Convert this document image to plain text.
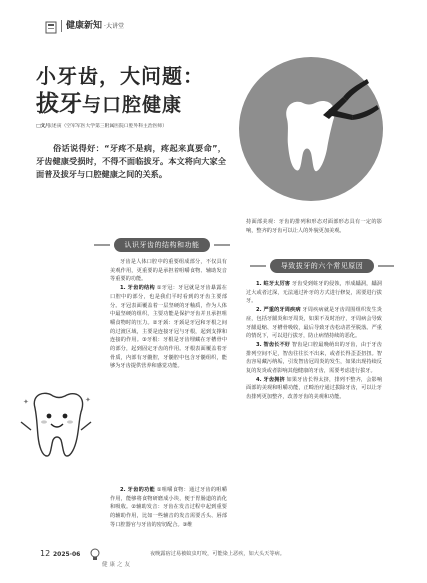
健康新知 ·大讲堂
小牙齿，大问题：
拔牙与口腔健康
□文/张述寅（空军军医大学第三附属医院口腔外科主治医师）
俗话说得好：“牙疼不是病，疼起来真要命”，牙齿健康受损时，不得不面临拔牙。本文将向大家全面普及拔牙与口腔健康之间的关系。
认识牙齿的结构和功能

牙齿是人体口腔中的重要组成部分，不仅具有美观作用，更重要的是承担着咀嚼食物、辅助发音等重要的功能。

1. 牙齿的结构 ①牙冠：牙冠就是牙齿暴露在口腔中的部分，也是我们平时看到的牙齿主要部分。牙冠表面覆盖着一层坚硬的牙釉质，作为人体中最坚硬的组织，主要功能是保护牙齿并且承担咀嚼食物时的压力。②牙颈：牙颈是牙冠和牙根之间的过渡区域，主要是连接牙冠与牙根，起到支撑和连接的作用。③牙根：牙根是牙齿埋藏在牙槽骨中的部分，起到固定牙齿的作用。牙根表面覆盖着牙骨质，内部有牙髓腔，牙髓腔中包含牙髓组织，能够为牙齿提供营养和感觉功能。

✦	✦

2. 牙齿的功能 ①咀嚼食物：通过牙齿的咀嚼作用，能够将食物研磨成小块，便于胃肠道的消化和吸收。②辅助发音：牙齿在发音过程中起到重要的辅助作用，比如一些辅音的发音需要舌头、唇部等口腔器官与牙齿的密切配合。③维

持面部美观：牙齿的排列和形态对面部形态具有一定的影响，整齐的牙齿可以让人的外貌更加美观。
导致拔牙的六个常见原因

1. 蛀牙太厉害 牙齿受到蛀牙的侵蚀，形成龋洞，龋洞过大或者过深，无法通过补牙的方式进行修复，需要进行拔牙。

2. 严重的牙周疾病 牙周疾病就是牙齿周围组织发生炎症，包括牙龈炎和牙周炎，如果不及时治疗，牙周病会导致牙龈退缩、牙槽骨吸收，最后导致牙齿松动甚至脱落。严重的情况下，可以进行拔牙，防止病情持续的恶化。

3. 智齿长不好 智齿是口腔最晚萌出的牙齿，由于牙齿排列空间不足，智齿往往长不出来，或者长得歪歪扭扭。智齿容易藏污纳垢，引发智齿冠周炎的发生，如果出现持续反复的发炎或者影响其他健康的牙齿，需要考虑进行拔牙。

4. 牙齿拥挤 如果牙齿长得太挤，排列不整齐，会影响面部的美观和咀嚼功能，正畸治疗通过拔除牙齿，可以让牙齿排列更加整齐，改善牙齿的美观和功能。

12 2025·06
健康之友
夜晚露宿过易被蚊虫叮咬，可能染上恶疾，如大头天等病。
